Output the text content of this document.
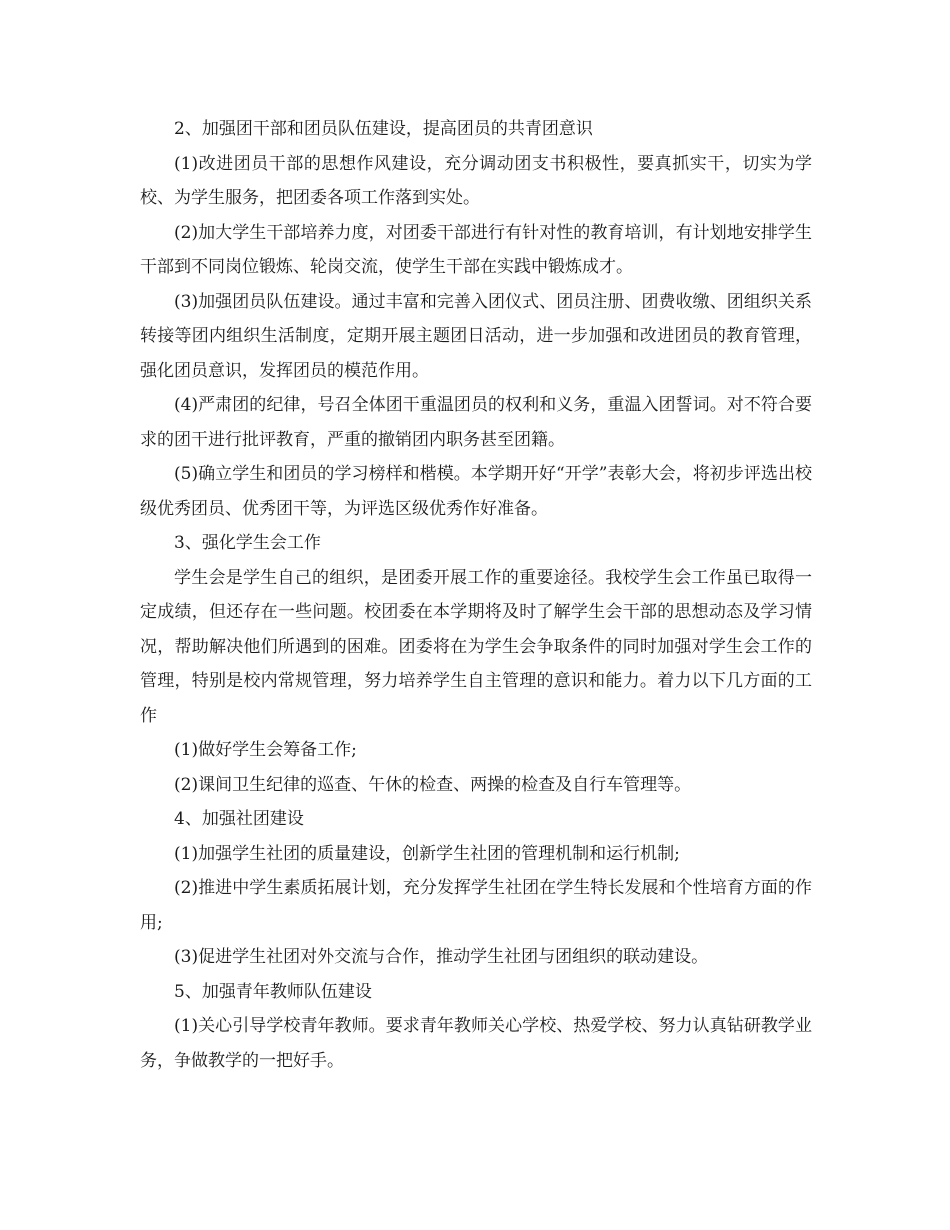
2、加强团干部和团员队伍建设，提高团员的共青团意识

(1)改进团员干部的思想作风建设，充分调动团支书积极性，要真抓实干，切实为学校、为学生服务，把团委各项工作落到实处。

(2)加大学生干部培养力度，对团委干部进行有针对性的教育培训，有计划地安排学生干部到不同岗位锻炼、轮岗交流，使学生干部在实践中锻炼成才。

(3)加强团员队伍建设。通过丰富和完善入团仪式、团员注册、团费收缴、团组织关系转接等团内组织生活制度，定期开展主题团日活动，进一步加强和改进团员的教育管理，强化团员意识，发挥团员的模范作用。

(4)严肃团的纪律，号召全体团干重温团员的权利和义务，重温入团誓词。对不符合要求的团干进行批评教育，严重的撤销团内职务甚至团籍。

(5)确立学生和团员的学习榜样和楷模。本学期开好“开学”表彰大会，将初步评选出校级优秀团员、优秀团干等，为评选区级优秀作好准备。

3、强化学生会工作

学生会是学生自己的组织，是团委开展工作的重要途径。我校学生会工作虽已取得一定成绩，但还存在一些问题。校团委在本学期将及时了解学生会干部的思想动态及学习情况，帮助解决他们所遇到的困难。团委将在为学生会争取条件的同时加强对学生会工作的管理，特别是校内常规管理，努力培养学生自主管理的意识和能力。着力以下几方面的工作

(1)做好学生会筹备工作;

(2)课间卫生纪律的巡查、午休的检查、两操的检查及自行车管理等。

4、加强社团建设

(1)加强学生社团的质量建设，创新学生社团的管理机制和运行机制;

(2)推进中学生素质拓展计划，充分发挥学生社团在学生特长发展和个性培育方面的作用;

(3)促进学生社团对外交流与合作，推动学生社团与团组织的联动建设。

5、加强青年教师队伍建设

(1)关心引导学校青年教师。要求青年教师关心学校、热爱学校、努力认真钻研教学业务，争做教学的一把好手。
